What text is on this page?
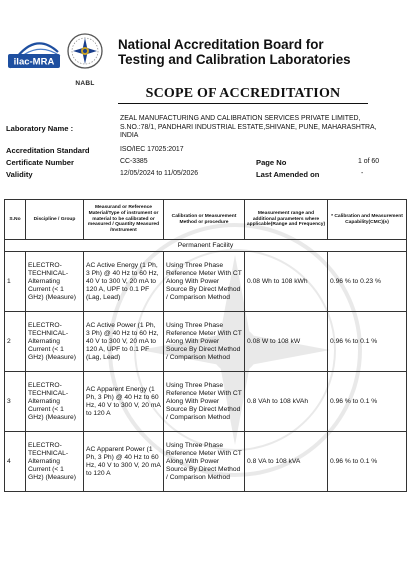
ilac-MRA
NABL
National Accreditation Board for
Testing and Calibration Laboratories
SCOPE OF ACCREDITATION
ZEAL MANUFACTURING AND CALIBRATION SERVICES PRIVATE LIMITED,
S.NO.:78/1, PANDHARI INDUSTRIAL ESTATE,SHIVANE, PUNE, MAHARASHTRA,
INDIA
Laboratory Name :
Accreditation Standard	ISO/IEC 17025:2017
Certificate Number	CC-3385	Page No	1 of 60
Validity	12/05/2024 to 11/05/2026	Last Amended on	-
S.No	Discipline / Group	Measurand or Reference Material/Type of instrument or material to be calibrated or measured / Quantity Measured /Instrument	Calibration or Measurement Method or procedure	Measurement range and additional parameters where applicable(Range and Frequency)	* Calibration and Measurement Capability(CMC)(±)
Permanent Facility					
1	ELECTRO-TECHNICAL- Alternating Current (< 1 GHz) (Measure)	AC Active Energy (1 Ph, 3 Ph) @ 40 Hz to 60 Hz, 40 V to 300 V, 20 mA to 120 A, UPF to 0.1 PF (Lag, Lead)	Using Three Phase Reference Meter With CT Along With Power Source By Direct Method / Comparison Method	0.08 Wh to 108 kWh	0.96 % to 0.23 %
2	ELECTRO-TECHNICAL- Alternating Current (< 1 GHz) (Measure)	AC Active Power (1 Ph, 3 Ph) @ 40 Hz to 60 Hz, 40 V to 300 V, 20 mA to 120 A, UPF to 0.1 PF (Lag, Lead)	Using Three Phase Reference Meter With CT Along With Power Source By Direct Method / Comparison Method	0.08 W to 108 kW	0.96 % to 0.1 %
3	ELECTRO-TECHNICAL- Alternating Current (< 1 GHz) (Measure)	AC Apparent Energy (1 Ph, 3 Ph) @ 40 Hz to 60 Hz, 40 V to 300 V, 20 mA to 120 A	Using Three Phase Reference Meter With CT Along With Power Source By Direct Method / Comparison Method	0.8 VAh to 108 kVAh	0.96 % to 0.1 %
4	ELECTRO-TECHNICAL- Alternating Current (< 1 GHz) (Measure)	AC Apparent Power (1 Ph, 3 Ph) @ 40 Hz to 60 Hz, 40 V to 300 V, 20 mA to 120 A	Using Three Phase Reference Meter With CT Along With Power Source By Direct Method / Comparison Method	0.8 VA to 108 kVA	0.96 % to 0.1 %
